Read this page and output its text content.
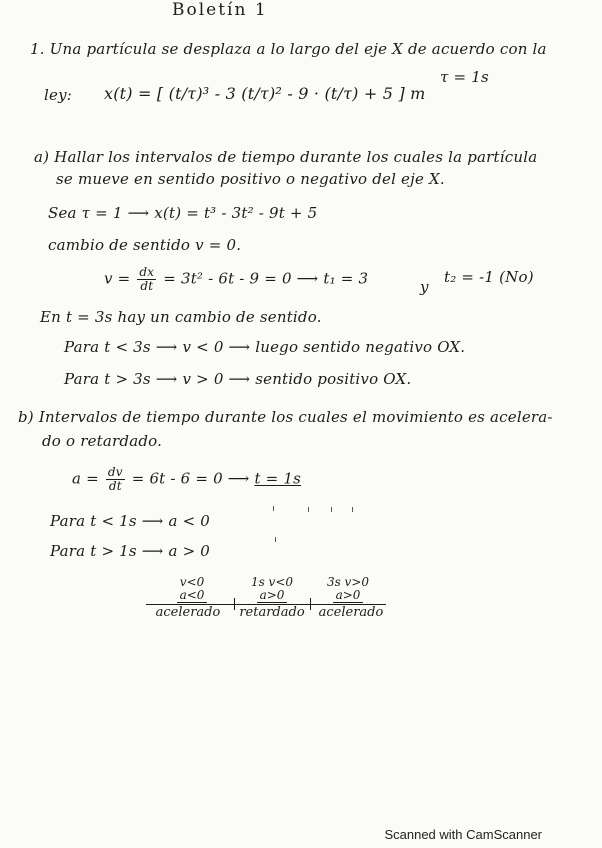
Boletín 1
1. Una partícula se desplaza a lo largo del eje X de acuerdo con la
τ = 1s
ley: x(t) = [ (t/τ)³ - 3 (t/τ)² - 9 · (t/τ) + 5 ] m
a) Hallar los intervalos de tiempo durante los cuales la partícula
se mueve en sentido positivo o negativo del eje X.
Sea τ = 1 ⟶ x(t) = t³ - 3t² - 9t + 5
cambio de sentido v = 0.
$v = \frac{dx}{dt} = 3t^2 - 6t - 9 = 0$ ⟶ t₁ = 3	y
t₂ = -1 (No)
En t = 3s hay un cambio de sentido.
Para t < 3s ⟶ v < 0 ⟶ luego sentido negativo OX.
Para t > 3s ⟶ v > 0 ⟶ sentido positivo OX.
b) Intervalos de tiempo durante los cuales el movimiento es acelera-
do o retardado.
$a = \frac{dv}{dt} = 6t - 6 = 0$ ⟶ t = 1s
Para t < 1s ⟶ a < 0
Para t > 1s ⟶ a > 0
v<0
a<0
1s v<0
a>0
3s v>0
a>0
acelerado	retardado	acelerado
Scanned with CamScanner
